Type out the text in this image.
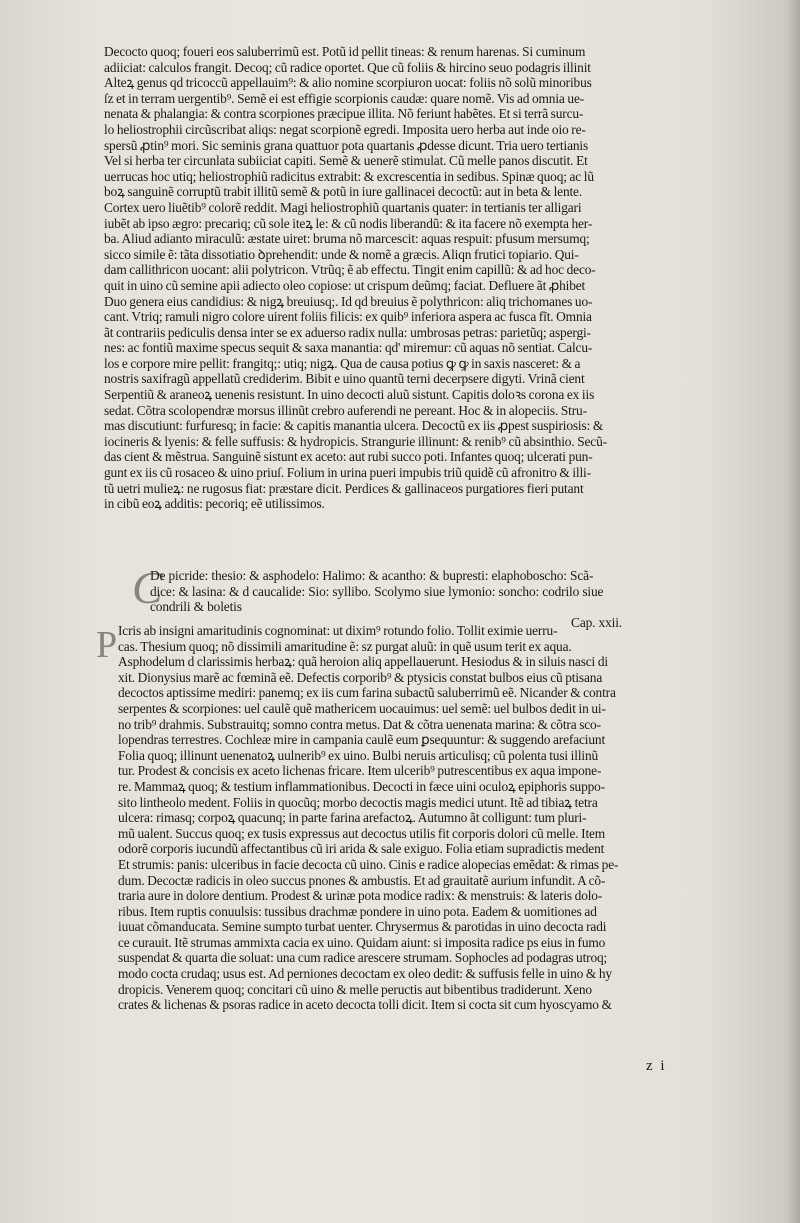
Decocto quoq; foueri eos saluberrimũ est. Potũ id pellit tineas: & renum harenas. Si cuminum
adiiciat: calculos frangit. Decoq; cũ radice oportet. Que cũ foliis & hircino seuo podagris illinit
Alteꝝ genus qd tricoccũ appellauim⁹: & alio nomine scorpiuron uocat: foliis nõ solũ minoribus
ſz et in terram uergentib⁹. Semẽ ei est effigie scorpionis caudæ: quare nomẽ. Vis ad omnia ue-
nenata & phalangia: & contra scorpiones præcipue illita. Nõ feriunt habẽtes. Et si terrã surcu-
lo heliostrophii circũscribat aliqs: negat scorpionẽ egredi. Imposita uero herba aut inde oio re-
spersũ ꝓtin⁹ mori. Sic seminis grana quattuor pota quartanis ꝓdesse dicunt. Tria uero tertianis
Vel si herba ter circunlata subiiciat capiti. Semẽ & uenerẽ stimulat. Cũ melle panos discutit. Et
uerrucas hoc utiq; heliostrophiũ radicitus extrabit: & excrescentia in sedibus. Spinæ quoq; ac lũ
boꝝ sanguinẽ corruptũ trabit illitũ semẽ & potũ in iure gallinacei decoctũ: aut in beta & lente.
Cortex uero liuẽtib⁹ colorẽ reddit. Magi heliostrophiũ quartanis quater: in tertianis ter alligari
iubẽt ab ipso ægro: precariq; cũ sole iteꝝ le: & cũ nodis liberandũ: & ita facere nõ exempta her-
ba. Aliud adianto miraculũ: æstate uiret: bruma nõ marcescit: aquas respuit: pfusum mersumq;
sicco simile ẽ: tãta dissotiatio ꝺprehendit: unde & nomẽ a græcis. Aliqn frutici topiario. Qui-
dam callithricon uocant: alii polytricon. Vtrũq; ẽ ab effectu. Tingit enim capillũ: & ad hoc deco-
quit in uino cũ semine apii adiecto oleo copiose: ut crispum deũmq; faciat. Defluere ãt ꝓhibet
Duo genera eius candidius: & nigꝝ breuiusq;. Id qd breuius ẽ polythricon: aliq trichomanes uo-
cant. Vtriq; ramuli nigro colore uirent foliis filicis: ex quib⁹ inferiora aspera ac fusca fĩt. Omnia
ãt contrariis pediculis densa inter se ex aduerso radix nulla: umbrosas petras: parietũq; aspergi-
nes: ac fontiũ maxime specus sequit & saxa manantia: qd' miremur: cũ aquas nõ sentiat. Calcu-
los e corpore mire pellit: frangitq;: utiq; nigꝝ. Qua de causa potius ꝙ ꝙ in saxis nasceret: & a
nostris saxifragũ appellatũ crediderim. Bibit e uino quantũ terni decerpsere digyti. Vrinã cient
Serpentiũ & araneoꝝ uenenis resistunt. In uino decocti aluũ sistunt. Capitis doloꝛs corona ex iis
sedat. Cõtra scolopendræ morsus illinũt crebro auferendi ne pereant. Hoc & in alopeciis. Stru-
mas discutiunt: furfuresq; in facie: & capitis manantia ulcera. Decoctũ ex iis ꝓpest suspiriosis: &
iocineris & lyenis: & felle suffusis: & hydropicis. Strangurie illinunt: & renib⁹ cũ absinthio. Secũ-
das cient & mẽstrua. Sanguinẽ sistunt ex aceto: aut rubi succo poti. Infantes quoq; ulcerati pun-
gunt ex iis cũ rosaceo & uino priuſ. Folium in urina pueri impubis triũ quidẽ cũ afronitro & illi-
tũ uetri mulieꝝ: ne rugosus fiat: præstare dicit. Perdices & gallinaceos purgatiores fieri putant
in cibũ eoꝝ additis: pecoriq; eẽ utilissimos.
C
De picride: thesio: & asphodelo: Halimo: & acantho: & bupresti: elaphoboscho: Scã-
dice: & lasina: & d caucalide: Sio: syllibo. Scolymo siue lymonio: soncho: codrilo siue
condrili & boletis
Cap. xxii.
P Icris ab insigni amaritudinis cognominat: ut dixim⁹ rotundo folio. Tollit eximie uerru-
cas. Thesium quoq; nõ dissimili amaritudine ẽ: sz purgat aluũ: in quẽ usum terit ex aqua.
Asphodelum d clarissimis herbaꝝ: quã heroion aliq appellauerunt. Hesiodus & in siluis nasci di
xit. Dionysius marẽ ac fœminã eẽ. Defectis corporib⁹ & ptysicis constat bulbos eius cũ ptisana
decoctos aptissime mediri: panemq; ex iis cum farina subactũ saluberrimũ eẽ. Nicander & contra
serpentes & scorpiones: uel caulẽ quẽ mathericem uocauimus: uel semẽ: uel bulbos dedit in ui-
no trib⁹ drahmis. Substrauitq; somno contra metus. Dat & cõtra uenenata marina: & cõtra sco-
lopendras terrestres. Cochleæ mire in campania caulẽ eum ꝑsequuntur: & suggendo arefaciunt
Folia quoq; illinunt uenenatoꝝ uulnerib⁹ ex uino. Bulbi neruis articulisq; cũ polenta tusi illinũ
tur. Prodest & concisis ex aceto lichenas fricare. Item ulcerib⁹ putrescentibus ex aqua impone-
re. Mammaꝝ quoq; & testium inflammationibus. Decocti in fæce uini oculoꝝ epiphoris suppo-
sito lintheolo medent. Foliis in quocũq; morbo decoctis magis medici utunt. Itẽ ad tibiaꝝ tetra
ulcera: rimasq; corpoꝝ quacunq; in parte farina arefactoꝝ. Autumno ãt colligunt: tum pluri-
mũ ualent. Succus quoq; ex tusis expressus aut decoctus utilis fit corporis dolori cũ melle. Item
odorẽ corporis iucundũ affectantibus cũ iri arida & sale exiguo. Folia etiam supradictis medent
Et strumis: panis: ulceribus in facie decocta cũ uino. Cinis e radice alopecias emẽdat: & rimas pe-
dum. Decoctæ radicis in oleo succus pnones & ambustis. Et ad grauitatẽ aurium infundit. A cõ-
traria aure in dolore dentium. Prodest & urinæ pota modice radix: & menstruis: & lateris dolo-
ribus. Item ruptis conuulsis: tussibus drachmæ pondere in uino pota. Eadem & uomitiones ad
iuuat cõmanducata. Semine sumpto turbat uenter. Chrysermus & parotidas in uino decocta radi
ce curauit. Itẽ strumas ammixta cacia ex uino. Quidam aiunt: si imposita radice ps eius in fumo
suspendat & quarta die soluat: una cum radice arescere strumam. Sophocles ad podagras utroq;
modo cocta crudaq; usus est. Ad perniones decoctam ex oleo dedit: & suffusis felle in uino & hy
dropicis. Venerem quoq; concitari cũ uino & melle peructis aut bibentibus tradiderunt. Xeno
crates & lichenas & psoras radice in aceto decocta tolli dicit. Item si cocta sit cum hyoscyamo &
z i
